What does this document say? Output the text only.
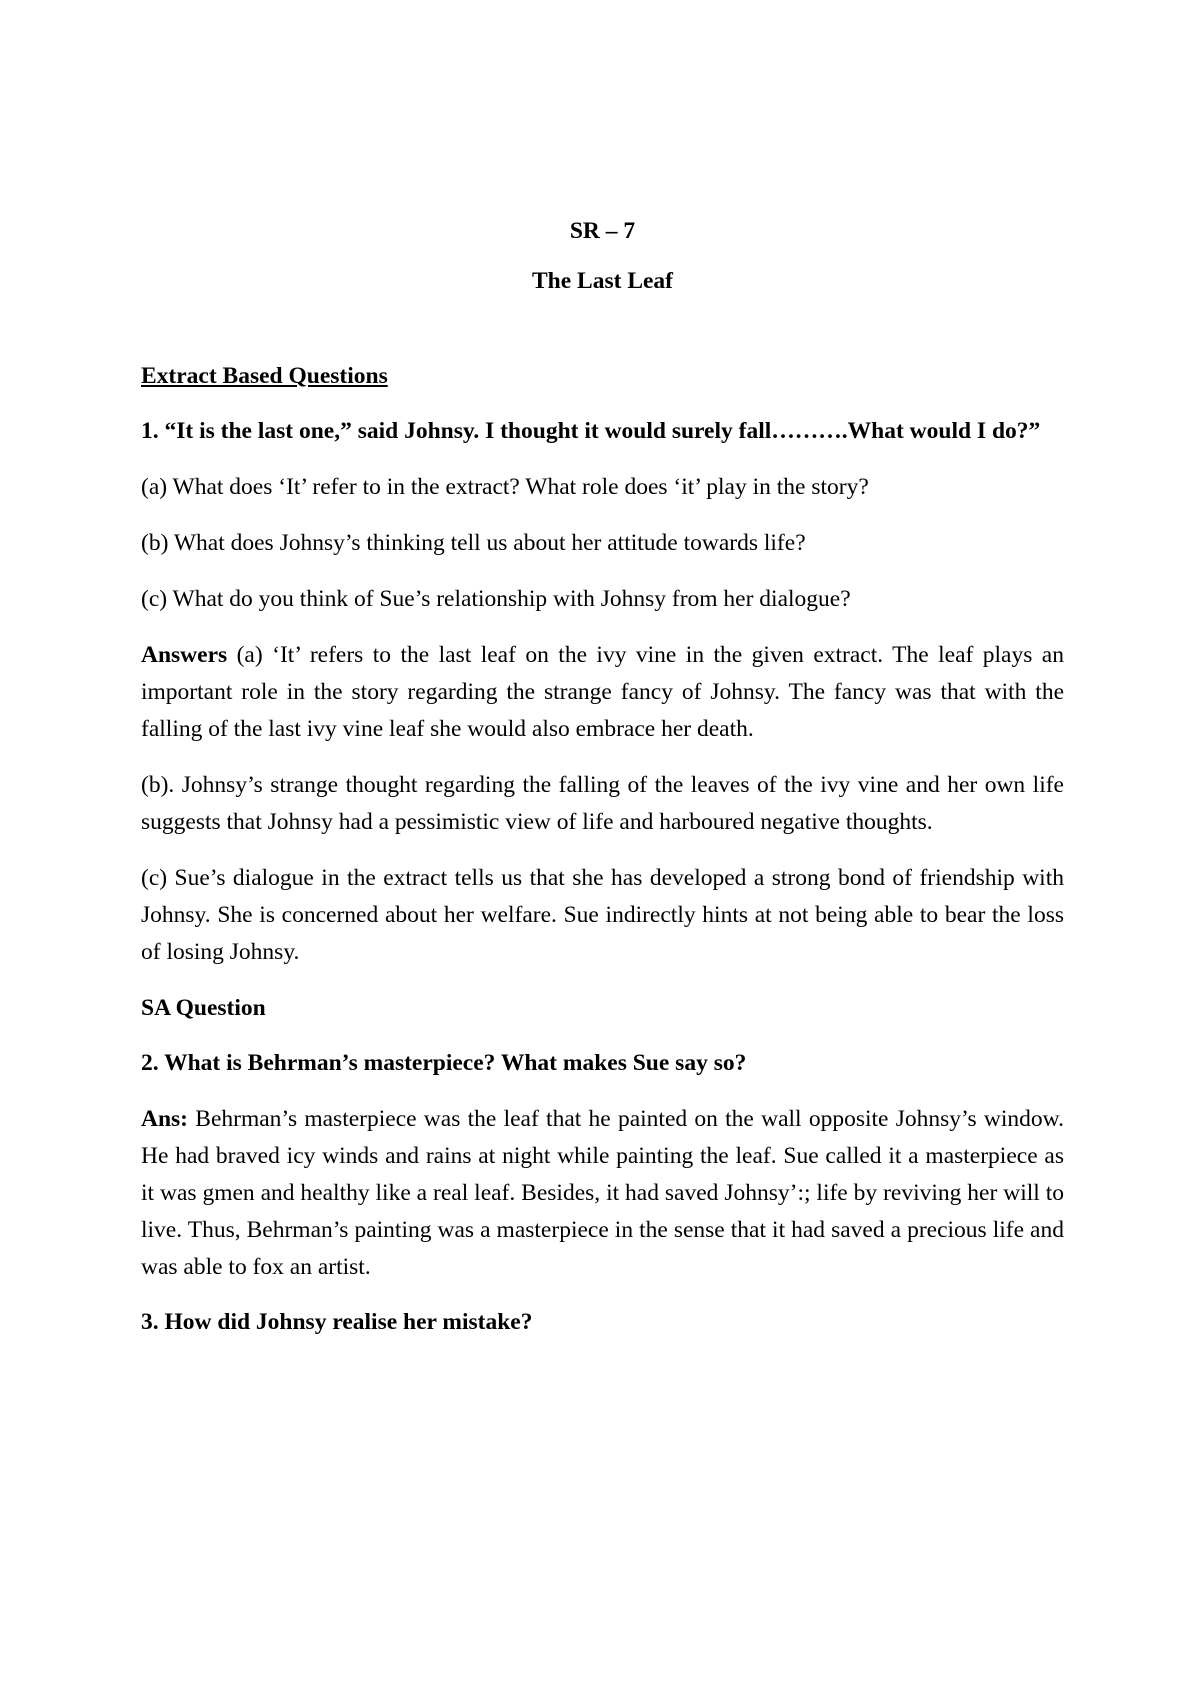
SR – 7

The Last Leaf

Extract Based Questions

1. “It is the last one,” said Johnsy. I thought it would surely fall……….What would I do?”

(a) What does ‘It’ refer to in the extract? What role does ‘it’ play in the story?

(b) What does Johnsy’s thinking tell us about her attitude towards life?

(c) What do you think of Sue’s relationship with Johnsy from her dialogue?

Answers (a) ‘It’ refers to the last leaf on the ivy vine in the given extract. The leaf plays an important role in the story regarding the strange fancy of Johnsy. The fancy was that with the falling of the last ivy vine leaf she would also embrace her death.

(b). Johnsy’s strange thought regarding the falling of the leaves of the ivy vine and her own life suggests that Johnsy had a pessimistic view of life and harboured negative thoughts.

(c) Sue’s dialogue in the extract tells us that she has developed a strong bond of friendship with Johnsy. She is concerned about her welfare. Sue indirectly hints at not being able to bear the loss of losing Johnsy.

SA Question

2. What is Behrman’s masterpiece? What makes Sue say so?

Ans: Behrman’s masterpiece was the leaf that he painted on the wall opposite Johnsy’s window. He had braved icy winds and rains at night while painting the leaf. Sue called it a masterpiece as it was gmen and healthy like a real leaf. Besides, it had saved Johnsy’:; life by reviving her will to live. Thus, Behrman’s painting was a masterpiece in the sense that it had saved a precious life and was able to fox an artist.

3. How did Johnsy realise her mistake?
